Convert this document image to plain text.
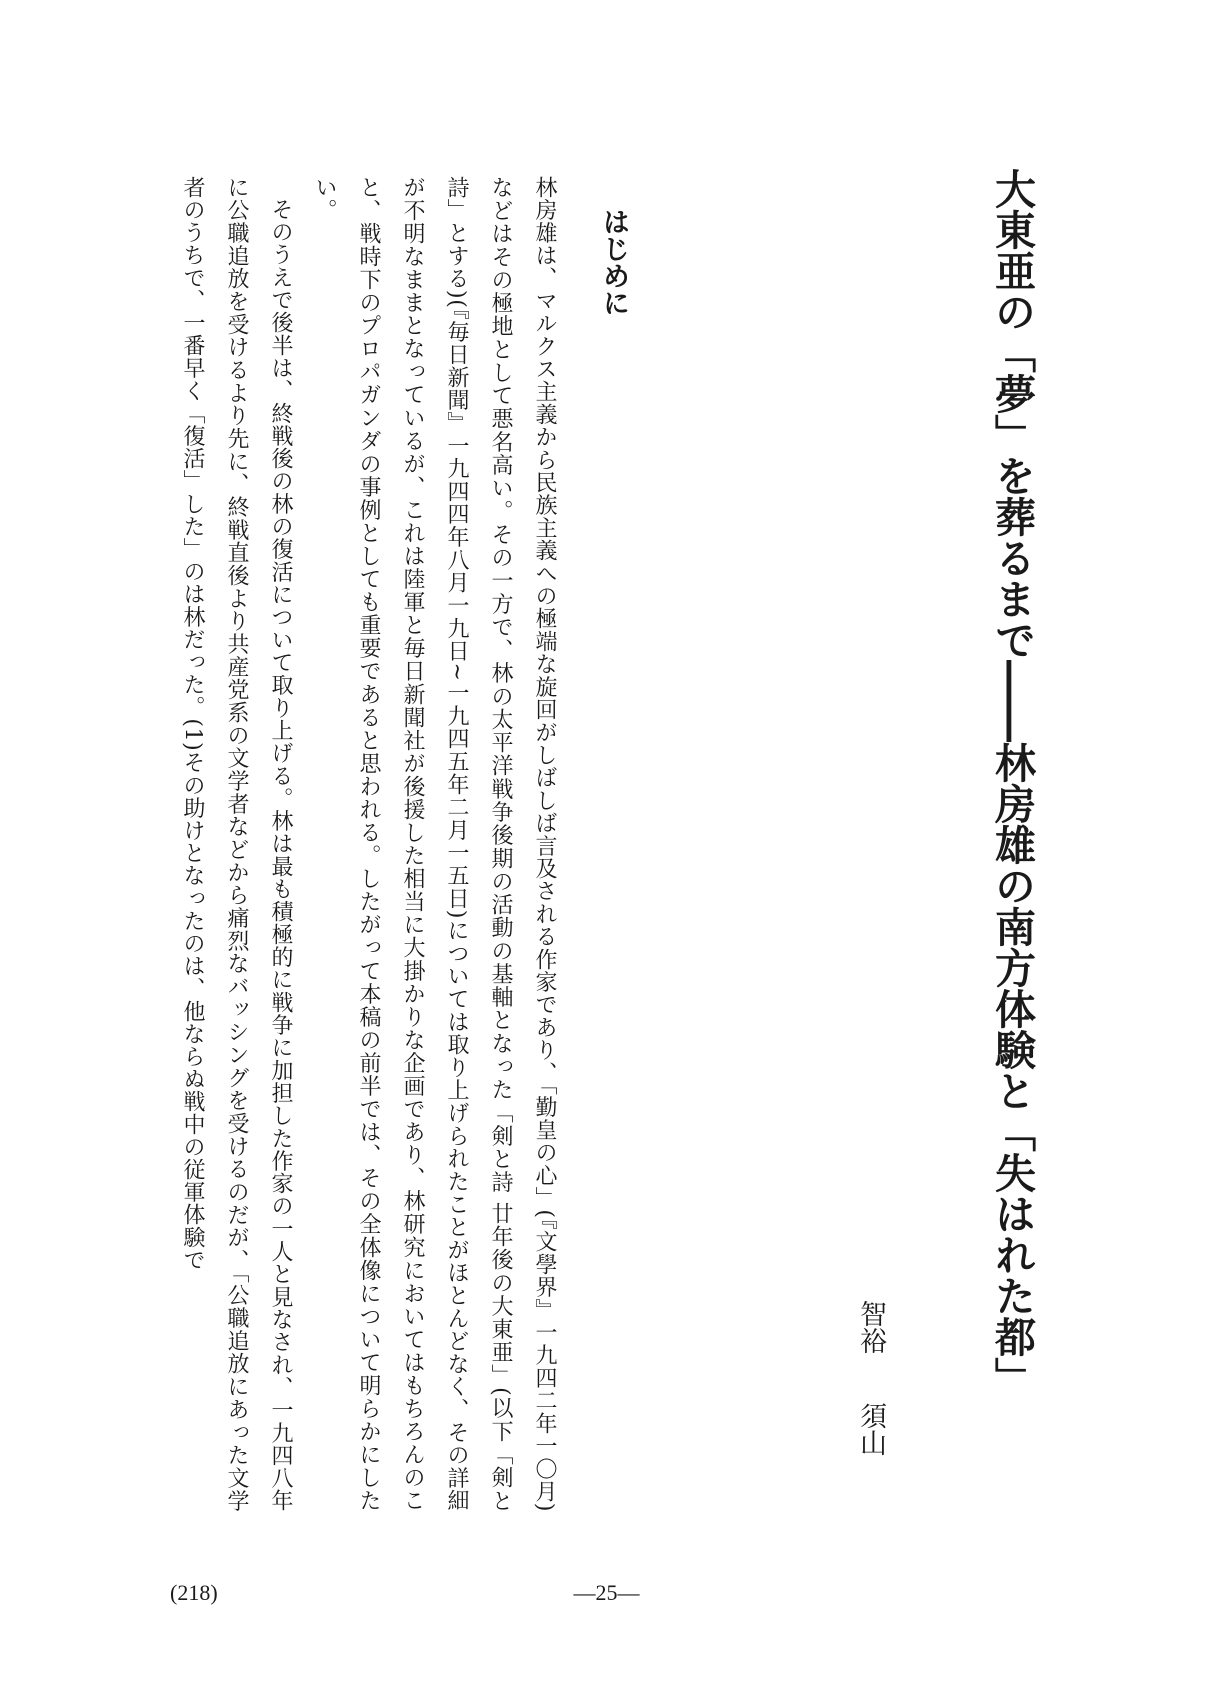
大東亜の「夢」を葬るまで――林房雄の南方体験と「失はれた都」
須山
智裕
はじめに

林房雄は、マルクス主義から民族主義への極端な旋回がしばしば言及される作家であり、「勤皇の心」(『文學界』一九四二年一〇月)などはその極地として悪名高い。その一方で、林の太平洋戦争後期の活動の基軸となった「剣と詩 廿年後の大東亜」(以下「剣と詩」とする)(『毎日新聞』一九四四年八月一九日~一九四五年二月一五日)については取り上げられたことがほとんどなく、その詳細が不明なままとなっているが、これは陸軍と毎日新聞社が後援した相当に大掛かりな企画であり、林研究においてはもちろんのこと、戦時下のプロパガンダの事例としても重要であると思われる。したがって本稿の前半では、その全体像について明らかにしたい。

そのうえで後半は、終戦後の林の復活について取り上げる。林は最も積極的に戦争に加担した作家の一人と見なされ、一九四八年に公職追放を受けるより先に、終戦直後より共産党系の文学者などから痛烈なバッシングを受けるのだが、「公職追放にあった文学者のうちで、一番早く「復活」した」のは林だった。(1)その助けとなったのは、他ならぬ戦中の従軍体験で

(218)	―25―
